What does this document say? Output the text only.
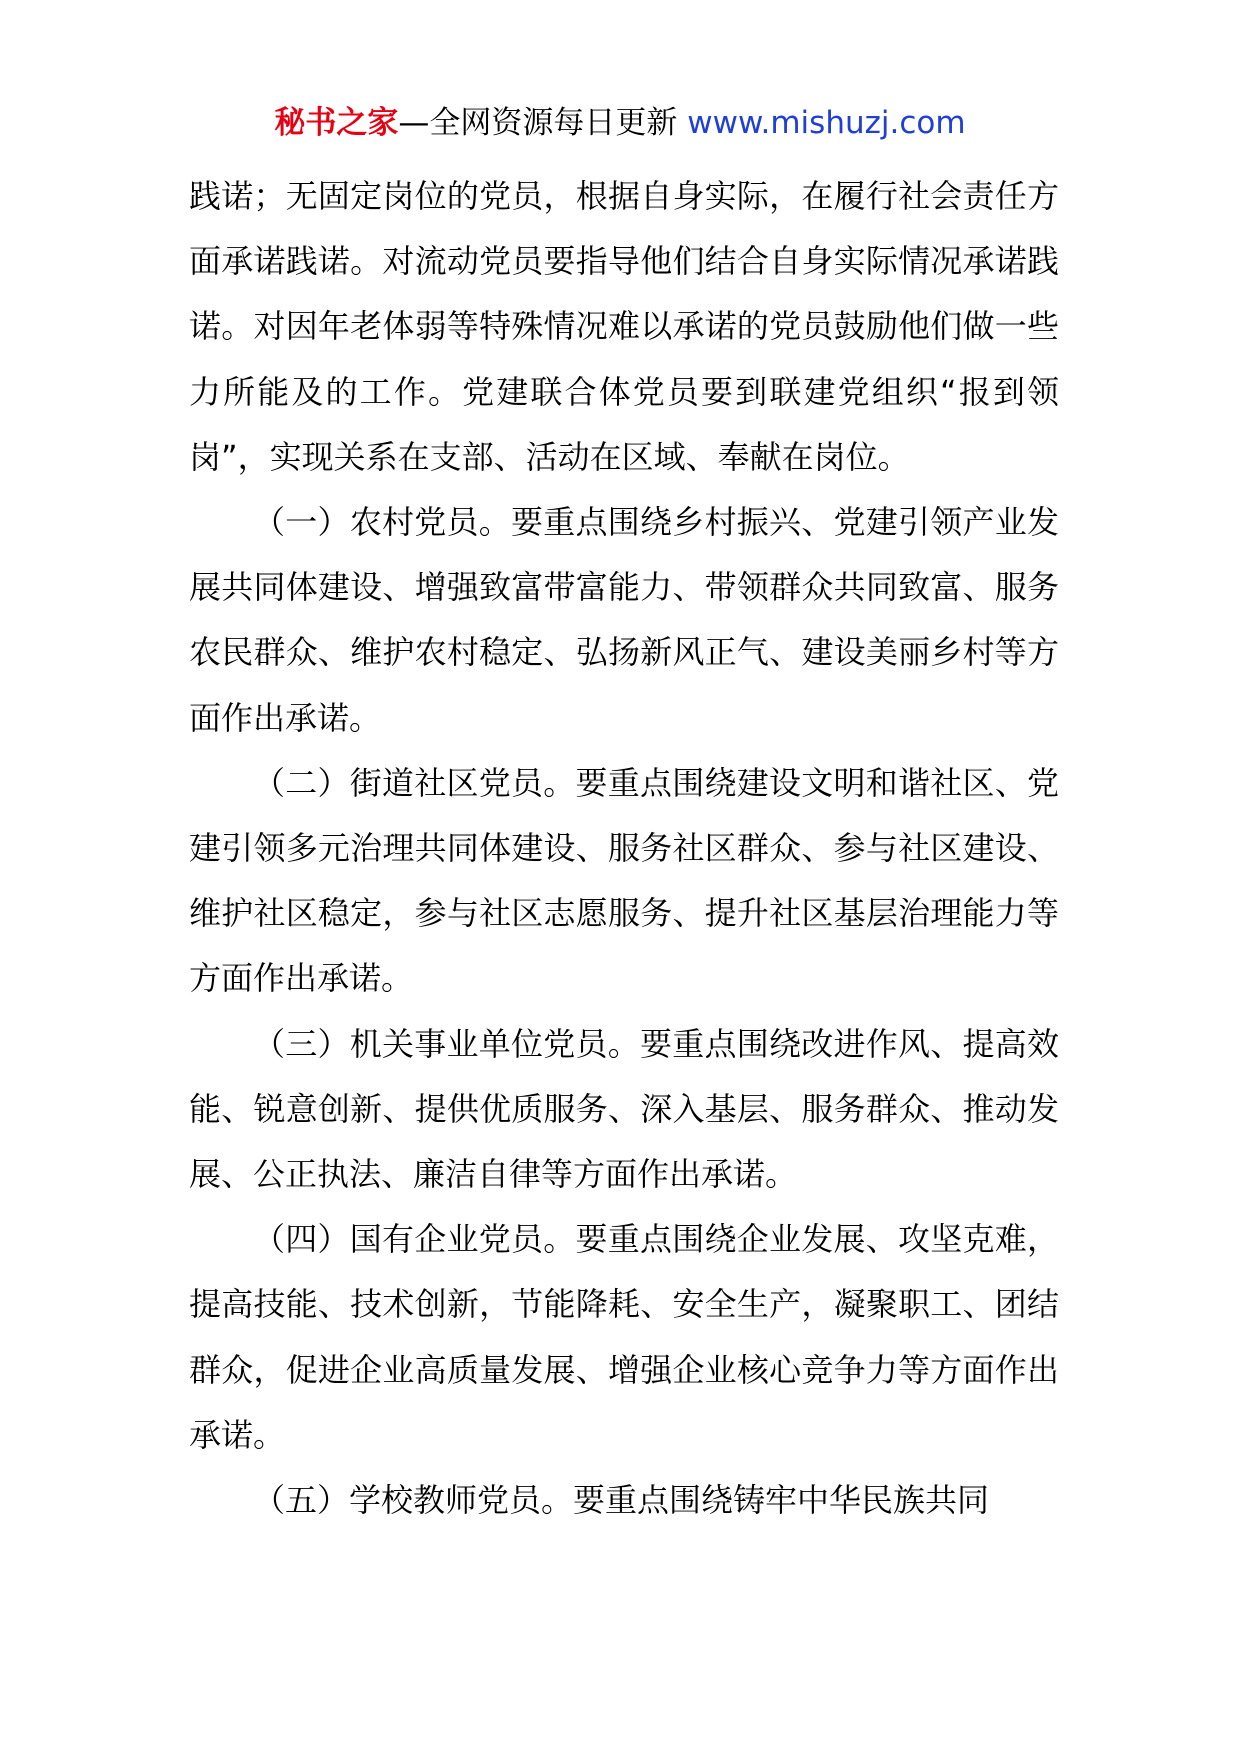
秘书之家—全网资源每日更新 www.mishuzj.com

践诺；无固定岗位的党员，根据自身实际，在履行社会责任方面承诺践诺。对流动党员要指导他们结合自身实际情况承诺践诺。对因年老体弱等特殊情况难以承诺的党员鼓励他们做一些力所能及的工作。党建联合体党员要到联建党组织“报到领岗”，实现关系在支部、活动在区域、奉献在岗位。

（一）农村党员。要重点围绕乡村振兴、党建引领产业发展共同体建设、增强致富带富能力、带领群众共同致富、服务农民群众、维护农村稳定、弘扬新风正气、建设美丽乡村等方面作出承诺。

（二）街道社区党员。要重点围绕建设文明和谐社区、党建引领多元治理共同体建设、服务社区群众、参与社区建设、维护社区稳定，参与社区志愿服务、提升社区基层治理能力等方面作出承诺。

（三）机关事业单位党员。要重点围绕改进作风、提高效能、锐意创新、提供优质服务、深入基层、服务群众、推动发展、公正执法、廉洁自律等方面作出承诺。

（四）国有企业党员。要重点围绕企业发展、攻坚克难，提高技能、技术创新，节能降耗、安全生产，凝聚职工、团结群众，促进企业高质量发展、增强企业核心竞争力等方面作出承诺。

（五）学校教师党员。要重点围绕铸牢中华民族共同
